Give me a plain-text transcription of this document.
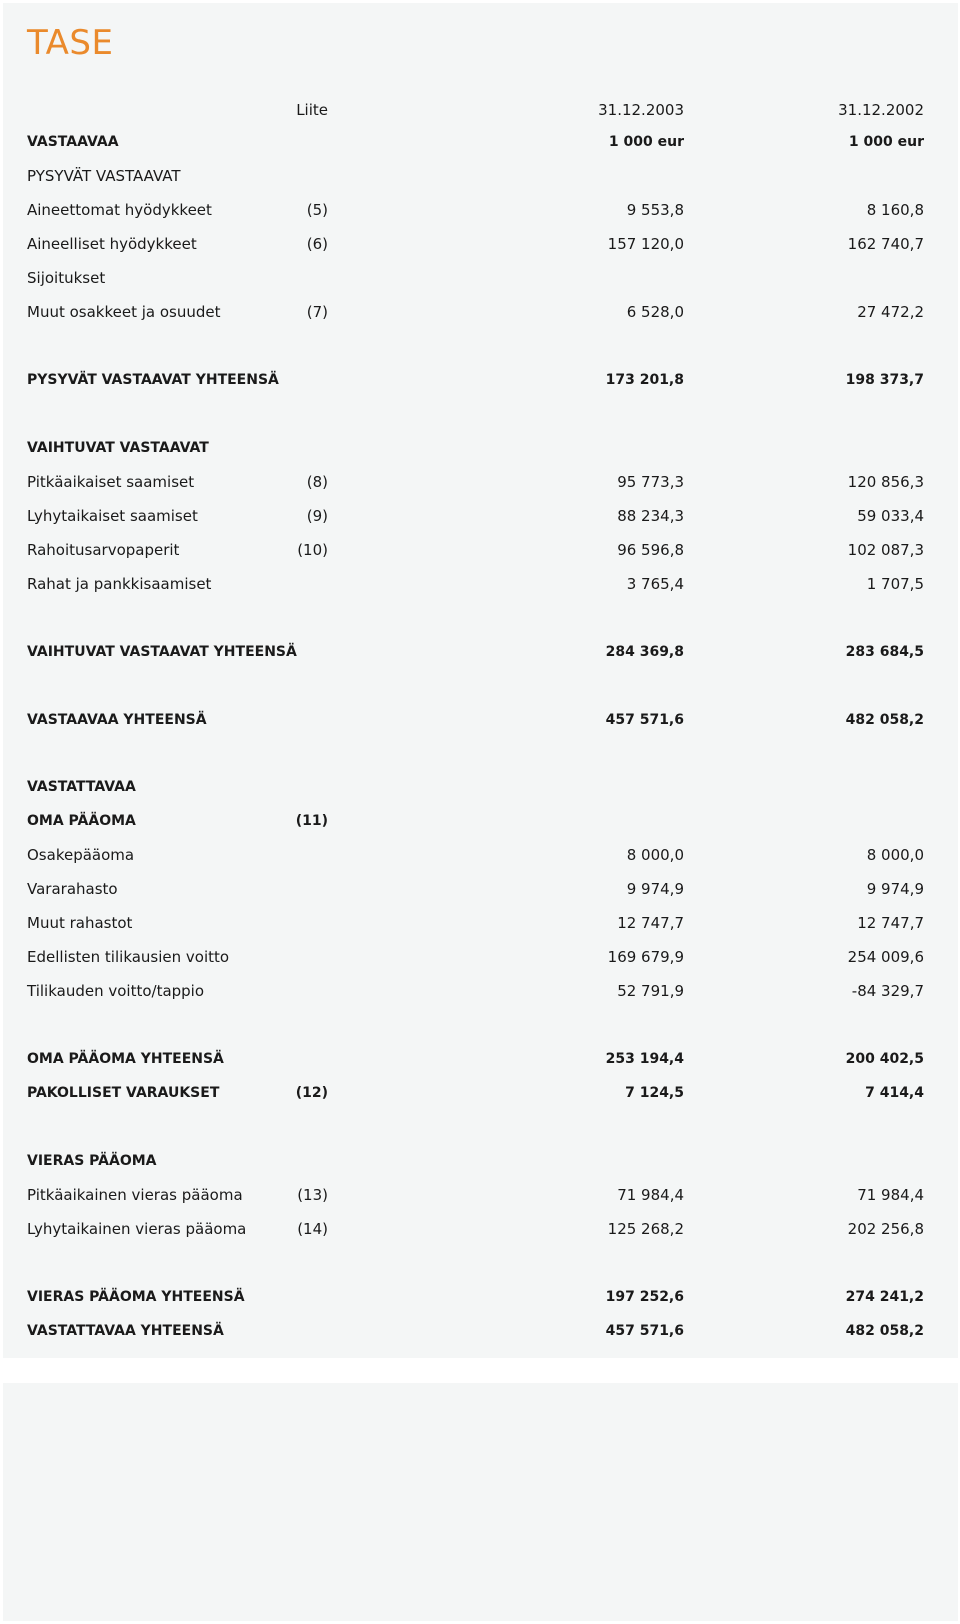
TASE
Liite	31.12.2003	31.12.2002
VASTAAVAA	1 000 eur	1 000 eur
PYSYVÄT VASTAAVAT
Aineettomat hyödykkeet	(5)	9 553,8	8 160,8
Aineelliset hyödykkeet	(6)	157 120,0	162 740,7
Sijoitukset
Muut osakkeet ja osuudet	(7)	6 528,0	27 472,2
PYSYVÄT VASTAAVAT YHTEENSÄ	173 201,8	198 373,7
VAIHTUVAT VASTAAVAT
Pitkäaikaiset saamiset	(8)	95 773,3	120 856,3
Lyhytaikaiset saamiset	(9)	88 234,3	59 033,4
Rahoitusarvopaperit	(10)	96 596,8	102 087,3
Rahat ja pankkisaamiset	3 765,4	1 707,5
VAIHTUVAT VASTAAVAT YHTEENSÄ	284 369,8	283 684,5
VASTAAVAA YHTEENSÄ	457 571,6	482 058,2
VASTATTAVAA
OMA PÄÄOMA	(11)
Osakepääoma	8 000,0	8 000,0
Vararahasto	9 974,9	9 974,9
Muut rahastot	12 747,7	12 747,7
Edellisten tilikausien voitto	169 679,9	254 009,6
Tilikauden voitto/tappio	52 791,9	-84 329,7
OMA PÄÄOMA YHTEENSÄ	253 194,4	200 402,5
PAKOLLISET VARAUKSET	(12)	7 124,5	7 414,4
VIERAS PÄÄOMA
Pitkäaikainen vieras pääoma	(13)	71 984,4	71 984,4
Lyhytaikainen vieras pääoma	(14)	125 268,2	202 256,8
VIERAS PÄÄOMA YHTEENSÄ	197 252,6	274 241,2
VASTATTAVAA YHTEENSÄ	457 571,6	482 058,2
